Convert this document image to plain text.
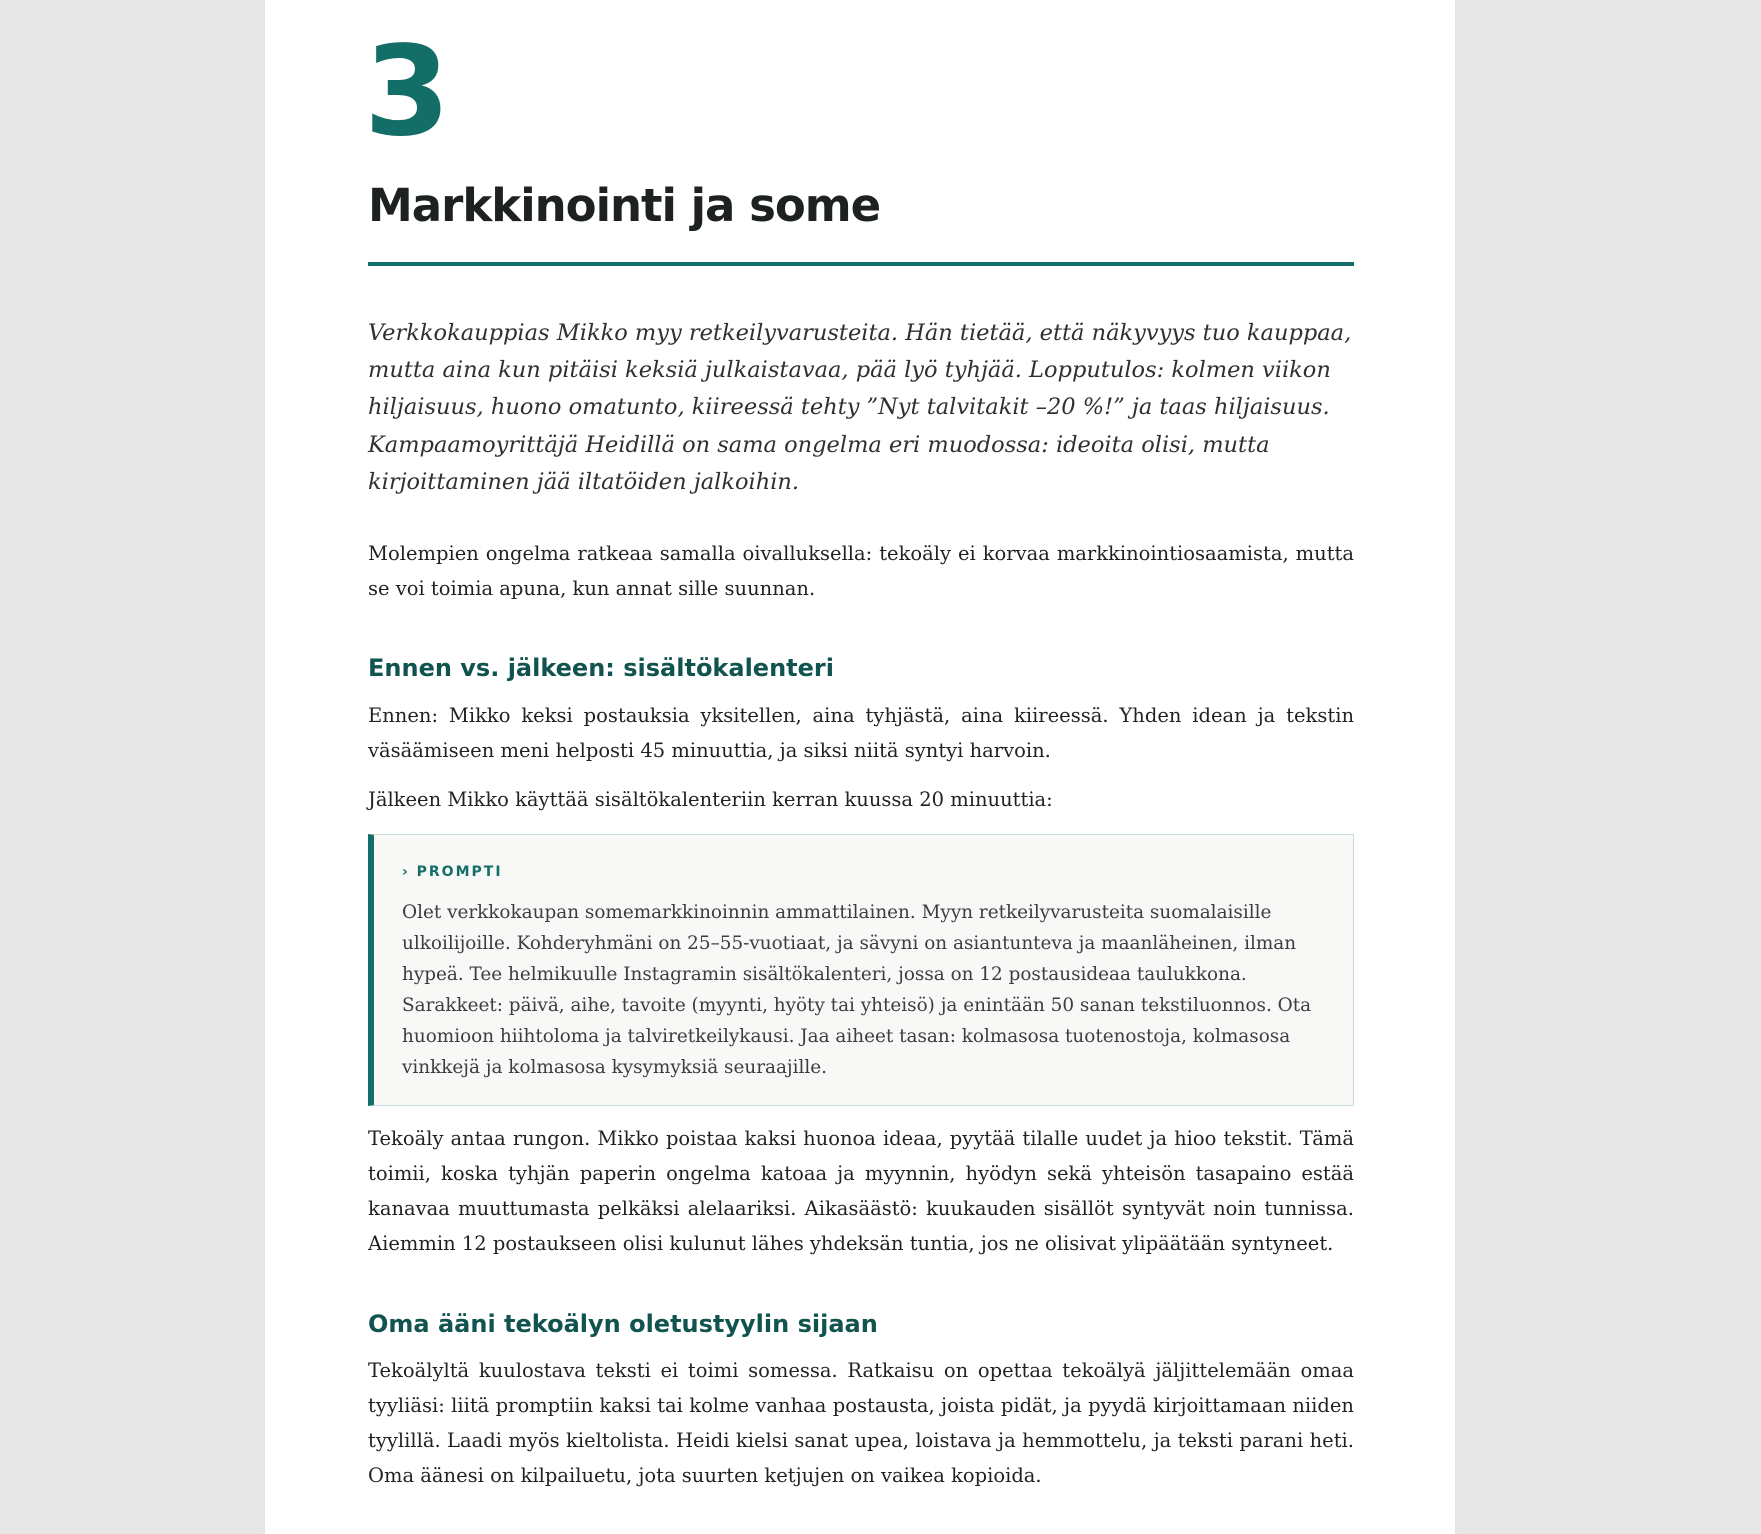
3
Markkinointi ja some

Verkkokauppias Mikko myy retkeilyvarusteita. Hän tietää, että näkyvyys tuo kauppaa, mutta aina kun pitäisi keksiä julkaistavaa, pää lyö tyhjää. Lopputulos: kolmen viikon hiljaisuus, huono omatunto, kiireessä tehty ”Nyt talvitakit –20 %!” ja taas hiljaisuus. Kampaamoyrittäjä Heidillä on sama ongelma eri muodossa: ideoita olisi, mutta kirjoittaminen jää iltatöiden jalkoihin.

Molempien ongelma ratkeaa samalla oivalluksella: tekoäly ei korvaa markkinointiosaamista, mutta se voi toimia apuna, kun annat sille suunnan.

Ennen vs. jälkeen: sisältökalenteri

Ennen: Mikko keksi postauksia yksitellen, aina tyhjästä, aina kiireessä. Yhden idean ja tekstin väsäämiseen meni helposti 45 minuuttia, ja siksi niitä syntyi harvoin.

Jälkeen Mikko käyttää sisältökalenteriin kerran kuussa 20 minuuttia:

› PROMPTI

Olet verkkokaupan somemarkkinoinnin ammattilainen. Myyn retkeilyvarusteita suomalaisille ulkoilijoille. Kohderyhmäni on 25–55-vuotiaat, ja sävyni on asiantunteva ja maanläheinen, ilman hypeä. Tee helmikuulle Instagramin sisältökalenteri, jossa on 12 postausideaa taulukkona. Sarakkeet: päivä, aihe, tavoite (myynti, hyöty tai yhteisö) ja enintään 50 sanan tekstiluonnos. Ota huomioon hiihtoloma ja talviretkeilykausi. Jaa aiheet tasan: kolmasosa tuotenostoja, kolmasosa vinkkejä ja kolmasosa kysymyksiä seuraajille.

Tekoäly antaa rungon. Mikko poistaa kaksi huonoa ideaa, pyytää tilalle uudet ja hioo tekstit. Tämä toimii, koska tyhjän paperin ongelma katoaa ja myynnin, hyödyn sekä yhteisön tasapaino estää kanavaa muuttumasta pelkäksi alelaariksi. Aikasäästö: kuukauden sisällöt syntyvät noin tunnissa. Aiemmin 12 postaukseen olisi kulunut lähes yhdeksän tuntia, jos ne olisivat ylipäätään syntyneet.

Oma ääni tekoälyn oletustyylin sijaan

Tekoälyltä kuulostava teksti ei toimi somessa. Ratkaisu on opettaa tekoälyä jäljittelemään omaa tyyliäsi: liitä promptiin kaksi tai kolme vanhaa postausta, joista pidät, ja pyydä kirjoittamaan niiden tyylillä. Laadi myös kieltolista. Heidi kielsi sanat upea, loistava ja hemmottelu, ja teksti parani heti. Oma äänesi on kilpailuetu, jota suurten ketjujen on vaikea kopioida.
